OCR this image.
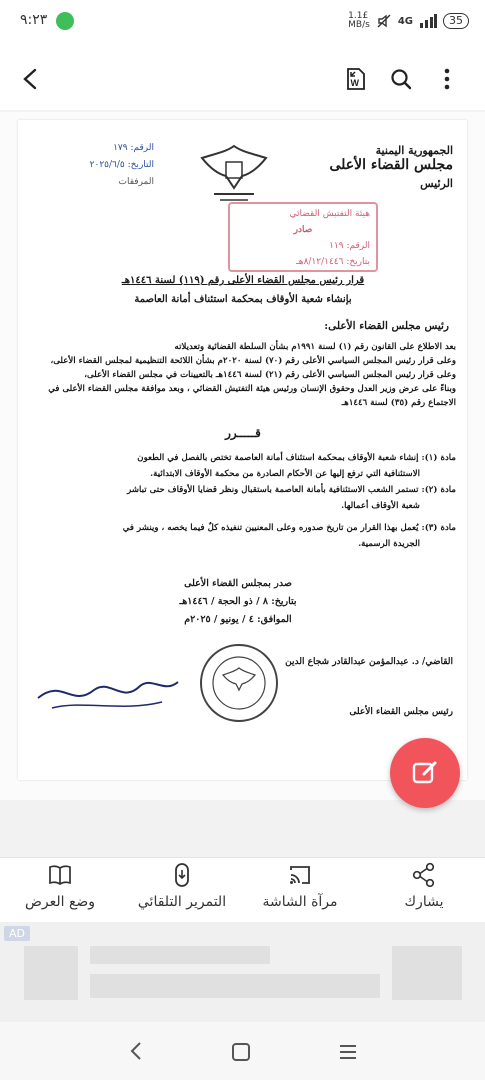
٩:٢٣	1.1£
MB/s	4G	35
W
الرقم: ١٧٩
التاريخ: ٢٠٢٥/٦/٥
المرفقات
الجمهورية اليمنية
مجلس القضاء الأعلى
الرئيس
هيئة التفتيش القضائي
صادر
الرقم: ١١٩
بتاريخ: ٨/١٢/١٤٤٦هـ
قرار رئيس مجلس القضاء الأعلى رقم (١١٩) لسنة ١٤٤٦هـ
بإنشاء شعبة الأوقاف بمحكمة استئناف أمانة العاصمة
رئيس مجلس القضاء الأعلى:
بعد الاطلاع على القانون رقم (١) لسنة ١٩٩١م بشأن السلطة القضائية وتعديلاته
وعلى قرار رئيس المجلس السياسي الأعلى رقم (٧٠) لسنة ٢٠٢٠م بشأن اللائحة التنظيمية لمجلس القضاء الأعلى،
وعلى قرار رئيس المجلس السياسي الأعلى رقم (٢١) لسنة ١٤٤٦هـ بالتعيينات في مجلس القضاء الأعلى،
وبناءً على عرض وزير العدل وحقوق الإنسان ورئيس هيئة التفتيش القضائي ، وبعد موافقة مجلس القضاء الأعلى في
الاجتماع رقم (٣٥) لسنة ١٤٤٦هـ
قـــــرر
مادة (١): إنشاء شعبة الأوقاف بمحكمة استئناف أمانة العاصمة تختص بالفصل في الطعون
الاستئنافية التي ترفع إليها عن الأحكام الصادرة من محكمة الأوقاف الابتدائية.
مادة (٢): تستمر الشعب الاستئنافية بأمانة العاصمة باستقبال ونظر قضايا الأوقاف حتى تباشر
شعبة الأوقاف أعمالها.
مادة (٣): يُعمل بهذا القرار من تاريخ صدوره وعلى المعنيين تنفيذه كلٌ فيما يخصه ، وينشر في
الجريدة الرسمية.
صدر بمجلس القضاء الأعلى
بتاريخ: ٨ / ذو الحجة / ١٤٤٦هـ
الموافق: ٤ / يونيو / ٢٠٢٥م
القاضي/ د. عبدالمؤمن عبدالقادر شجاع الدين
رئيس مجلس القضاء الأعلى
يشارك
مرآة الشاشة
التمرير التلقائي
وضع العرض
AD
